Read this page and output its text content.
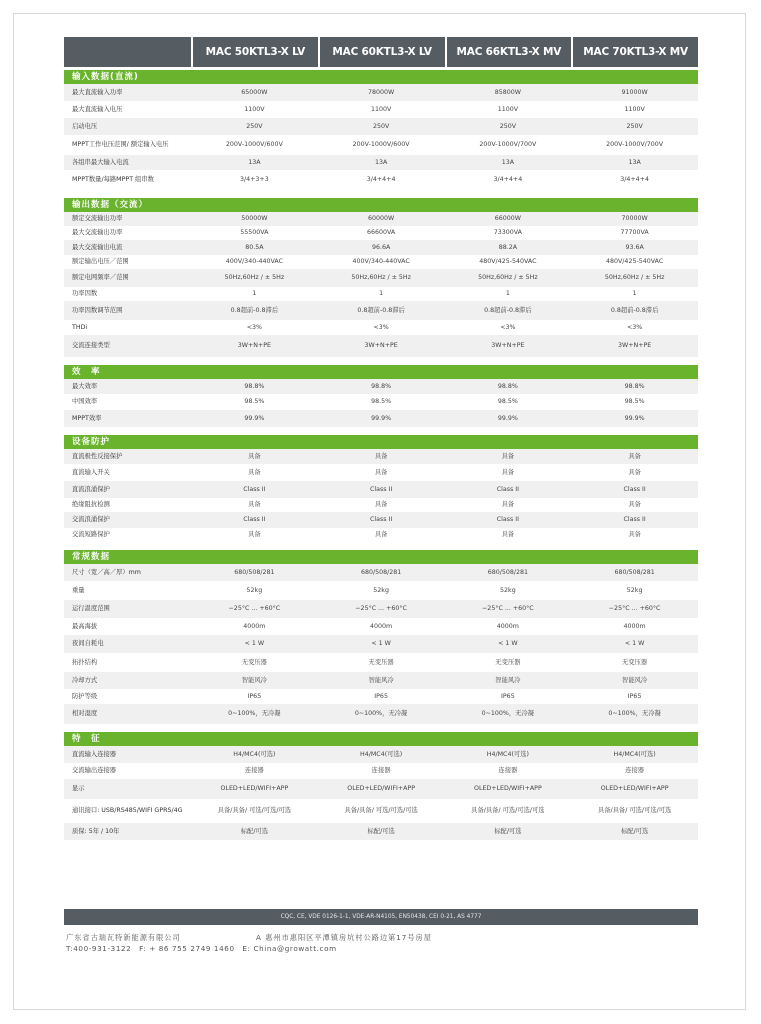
MAC 50KTL3-X LV	MAC 60KTL3-X LV	MAC 66KTL3-X MV	MAC 70KTL3-X MV
输入数据(直流)
最大直流输入功率	65000W	78000W	85800W	91000W
最大直流输入电压	1100V	1100V	1100V	1100V
启动电压	250V	250V	250V	250V
MPPT工作电压范围/ 额定输入电压	200V-1000V/600V	200V-1000V/600V	200V-1000V/700V	200V-1000V/700V
各组串最大输入电流	13A	13A	13A	13A
MPPT数量/每路MPPT 组串数	3/4+3+3	3/4+4+4	3/4+4+4	3/4+4+4
输出数据（交流）
额定交流输出功率	50000W	60000W	66000W	70000W
最大交流输出功率	55500VA	66600VA	73300VA	77700VA
最大交流输出电流	80.5A	96.6A	88.2A	93.6A
额定输出电压／范围	400V/340-440VAC	400V/340-440VAC	480V/425-540VAC	480V/425-540VAC
额定电网频率／范围	50Hz,60Hz / ± 5Hz	50Hz,60Hz / ± 5Hz	50Hz,60Hz / ± 5Hz	50Hz,60Hz / ± 5Hz
功率因数	1	1	1	1
功率因数调节范围	0.8超前-0.8滞后	0.8超前-0.8滞后	0.8超前-0.8滞后	0.8超前-0.8滞后
THDi	<3%	<3%	<3%	<3%
交流连接类型	3W+N+PE	3W+N+PE	3W+N+PE	3W+N+PE
效　率
最大效率	98.8%	98.8%	98.8%	98.8%
中国效率	98.5%	98.5%	98.5%	98.5%
MPPT效率	99.9%	99.9%	99.9%	99.9%
设备防护
直流极性反接保护	具备	具备	具备	具备
直流输入开关	具备	具备	具备	具备
直流浪涌保护	Class II	Class II	Class II	Class II
绝缘阻抗检测	具备	具备	具备	具备
交流浪涌保护	Class II	Class II	Class II	Class II
交流短路保护	具备	具备	具备	具备
常规数据
尺寸（宽／高／厚）mm	680/508/281	680/508/281	680/508/281	680/508/281
重量	52kg	52kg	52kg	52kg
运行温度范围	−25°C ... +60°C	−25°C ... +60°C	−25°C ... +60°C	−25°C ... +60°C
最高海拔	4000m	4000m	4000m	4000m
夜间自耗电	< 1 W	< 1 W	< 1 W	< 1 W
拓扑结构	无变压器	无变压器	无变压器	无变压器
冷却方式	智能风冷	智能风冷	智能风冷	智能风冷
防护等级	IP65	IP65	IP65	IP65
相对湿度	0~100%，无冷凝	0~100%，无冷凝	0~100%，无冷凝	0~100%，无冷凝
特　征
直流输入连接器	H4/MC4(可选)	H4/MC4(可选)	H4/MC4(可选)	H4/MC4(可选)
交流输出连接器	连接器	连接器	连接器	连接器
显示	OLED+LED/WIFI+APP	OLED+LED/WIFI+APP	OLED+LED/WIFI+APP	OLED+LED/WIFI+APP
通讯接口: USB/RS485/WIFI GPRS/4G	具备/具备/ 可选/可选/可选	具备/具备/ 可选/可选/可选	具备/具备/ 可选/可选/可选	具备/具备/ 可选/可选/可选
质保: 5年 / 10年	标配/可选	标配/可选	标配/可选	标配/可选
CQC, CE, VDE 0126-1-1, VDE-AR-N4105, EN50438, CEI 0-21, AS 4777
广东省古瑞瓦特新能源有限公司	A 惠州市惠阳区平潭镇房坑村公路边第17号房屋
T:400-931-3122　F: + 86 755 2749 1460　E: China@growatt.com
